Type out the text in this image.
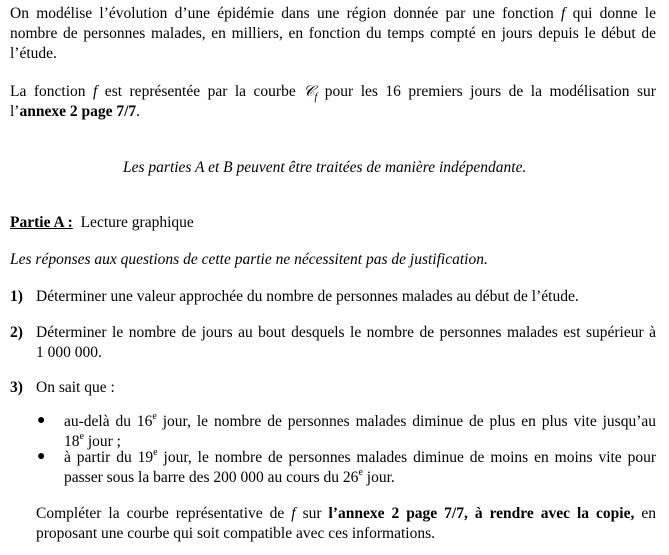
On modélise l’évolution d’une épidémie dans une région donnée par une fonction f qui donne le
nombre de personnes malades, en milliers, en fonction du temps compté en jours depuis le début de
l’étude.
La fonction f est représentée par la courbe 𝒞$_f$ pour les 16 premiers jours de la modélisation sur
l’annexe 2 page 7/7.
Les parties A et B peuvent être traitées de manière indépendante.
Partie A : Lecture graphique
Les réponses aux questions de cette partie ne nécessitent pas de justification.
1) Déterminer une valeur approchée du nombre de personnes malades au début de l’étude.
2) Déterminer le nombre de jours au bout desquels le nombre de personnes malades est supérieur à
1 000 000.
3) On sait que :
● au-delà du 16e jour, le nombre de personnes malades diminue de plus en plus vite jusqu’au
18e jour ;
● à partir du 19e jour, le nombre de personnes malades diminue de moins en moins vite pour
passer sous la barre des 200 000 au cours du 26e jour.
Compléter la courbe représentative de f sur l’annexe 2 page 7/7, à rendre avec la copie, en
proposant une courbe qui soit compatible avec ces informations.
